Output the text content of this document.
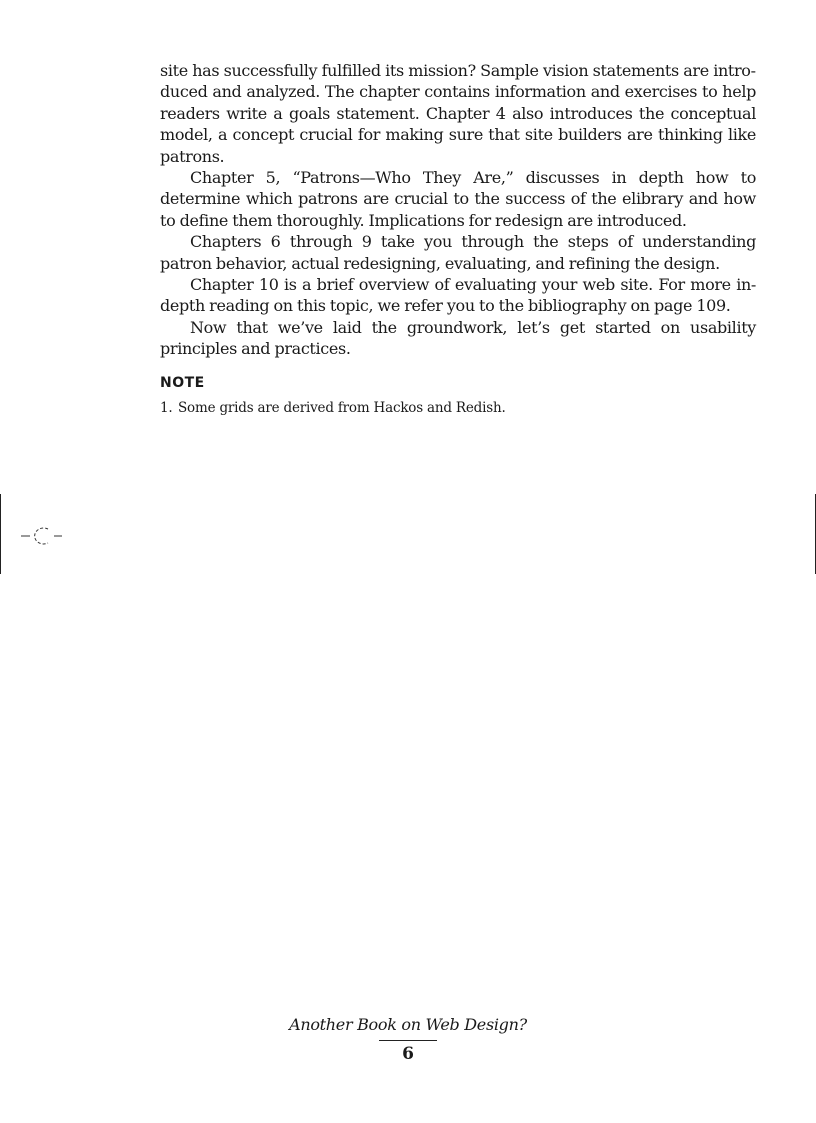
site has successfully fulfilled its mission? Sample vision statements are introduced and analyzed. The chapter contains information and exercises to help readers write a goals statement. Chapter 4 also introduces the conceptual model, a concept crucial for making sure that site builders are thinking like patrons.

Chapter 5, “Patrons—Who They Are,” discusses in depth how to determine which patrons are crucial to the success of the elibrary and how to define them thoroughly. Implications for redesign are introduced.

Chapters 6 through 9 take you through the steps of understanding patron behavior, actual redesigning, evaluating, and refining the design.

Chapter 10 is a brief overview of evaluating your web site. For more in-depth reading on this topic, we refer you to the bibliography on page 109.

Now that we’ve laid the groundwork, let’s get started on usability principles and practices.

NOTE
1. Some grids are derived from Hackos and Redish.

Another Book on Web Design?

6
